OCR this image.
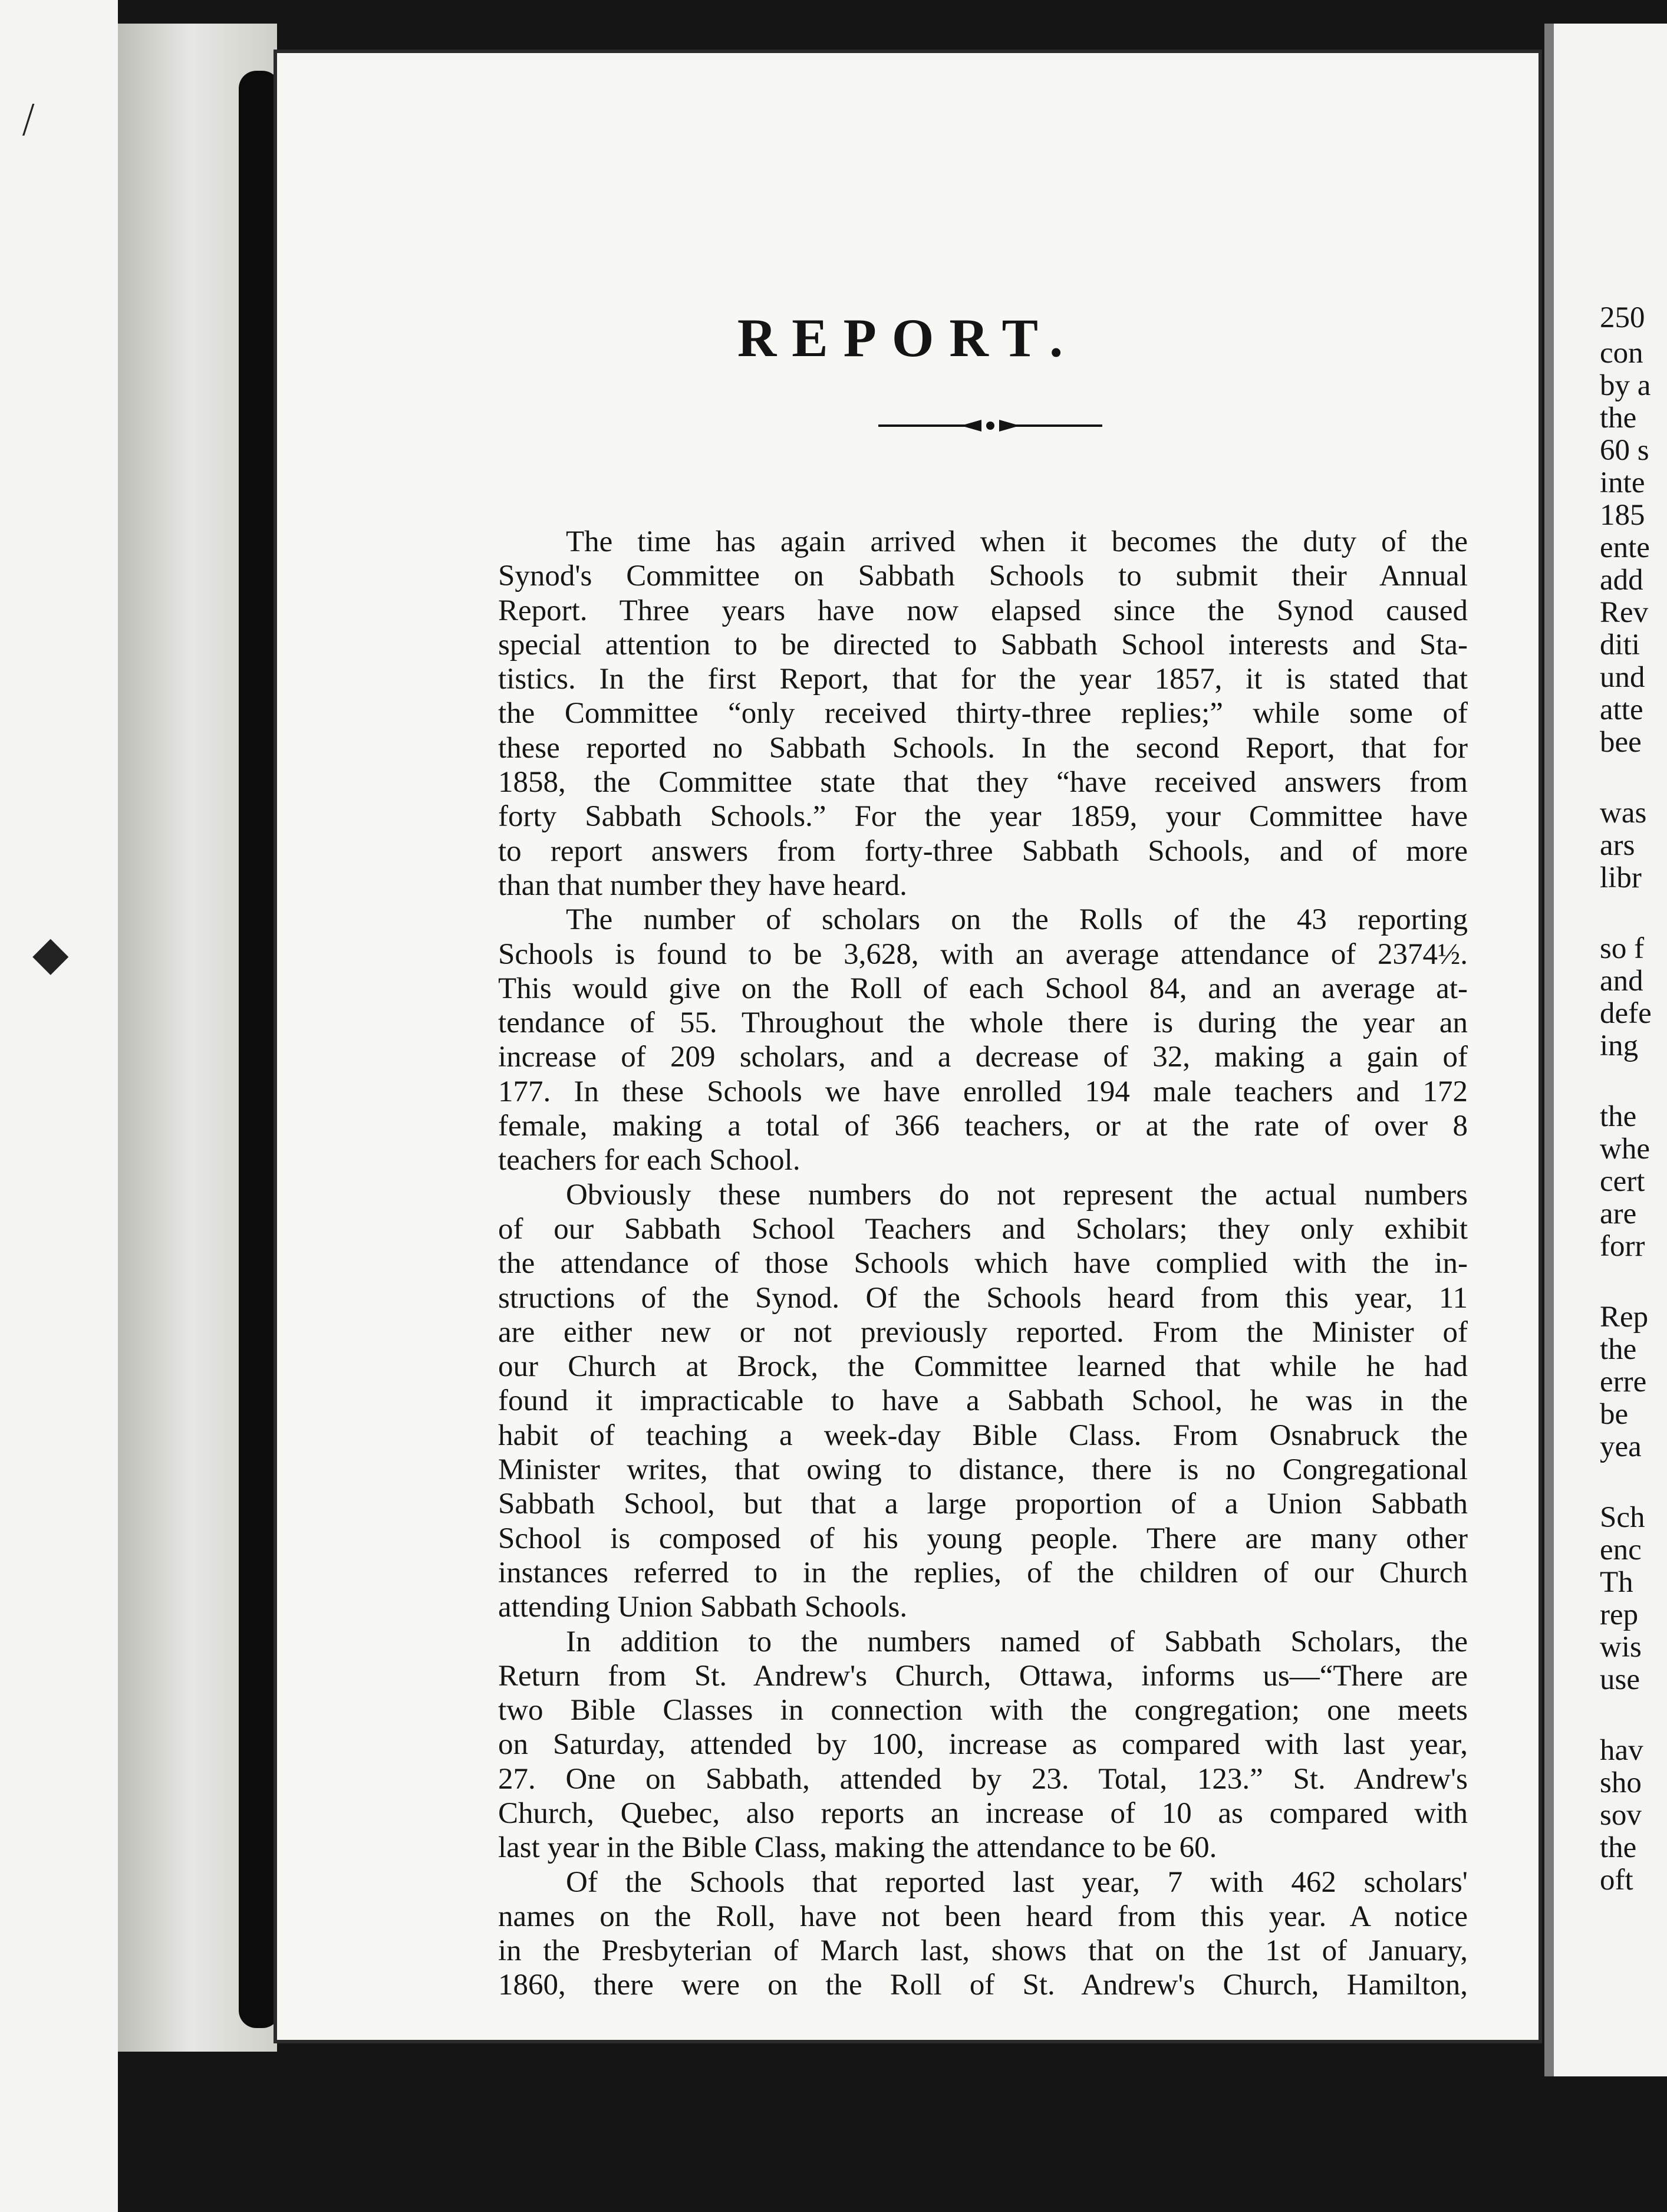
⧸
◆
REPORT.
The time has again arrived when it becomes the duty of the
Synod's Committee on Sabbath Schools to submit their Annual
Report. Three years have now elapsed since the Synod caused
special attention to be directed to Sabbath School interests and Sta-
tistics. In the first Report, that for the year 1857, it is stated that
the Committee “only received thirty-three replies;” while some of
these reported no Sabbath Schools. In the second Report, that for
1858, the Committee state that they “have received answers from
forty Sabbath Schools.” For the year 1859, your Committee have
to report answers from forty-three Sabbath Schools, and of more
than that number they have heard.
The number of scholars on the Rolls of the 43 reporting
Schools is found to be 3,628, with an average attendance of 2374½.
This would give on the Roll of each School 84, and an average at-
tendance of 55. Throughout the whole there is during the year an
increase of 209 scholars, and a decrease of 32, making a gain of
177. In these Schools we have enrolled 194 male teachers and 172
female, making a total of 366 teachers, or at the rate of over 8
teachers for each School.
Obviously these numbers do not represent the actual numbers
of our Sabbath School Teachers and Scholars; they only exhibit
the attendance of those Schools which have complied with the in-
structions of the Synod. Of the Schools heard from this year, 11
are either new or not previously reported. From the Minister of
our Church at Brock, the Committee learned that while he had
found it impracticable to have a Sabbath School, he was in the
habit of teaching a week-day Bible Class. From Osnabruck the
Minister writes, that owing to distance, there is no Congregational
Sabbath School, but that a large proportion of a Union Sabbath
School is composed of his young people. There are many other
instances referred to in the replies, of the children of our Church
attending Union Sabbath Schools.
In addition to the numbers named of Sabbath Scholars, the
Return from St. Andrew's Church, Ottawa, informs us—“There are
two Bible Classes in connection with the congregation; one meets
on Saturday, attended by 100, increase as compared with last year,
27. One on Sabbath, attended by 23. Total, 123.” St. Andrew's
Church, Quebec, also reports an increase of 10 as compared with
last year in the Bible Class, making the attendance to be 60.
Of the Schools that reported last year, 7 with 462 scholars'
names on the Roll, have not been heard from this year. A notice
in the Presbyterian of March last, shows that on the 1st of January,
1860, there were on the Roll of St. Andrew's Church, Hamilton,
250
con
by a
the
60 s
inte
185
ente
add
Rev
diti
und
atte
bee
was
ars
libr
so f
and
defe
ing
the
whe
cert
are
forr
Rep
the
erre
be
yea
Sch
enc
Th
rep
wis
use
hav
sho
sov
the
oft
